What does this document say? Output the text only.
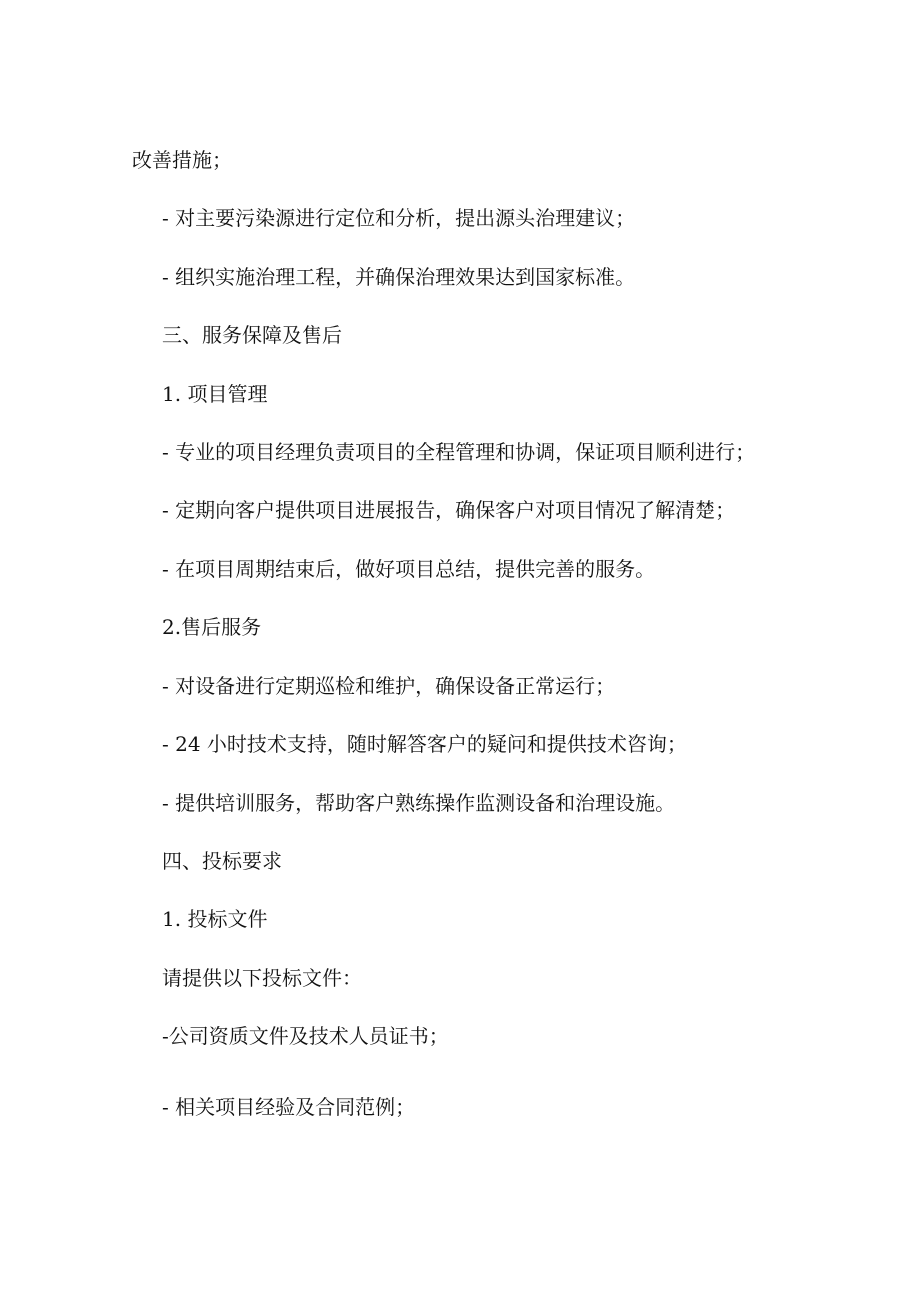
改善措施；
- 对主要污染源进行定位和分析，提出源头治理建议；
- 组织实施治理工程，并确保治理效果达到国家标准。
三、服务保障及售后
1. 项目管理
- 专业的项目经理负责项目的全程管理和协调，保证项目顺利进行；
- 定期向客户提供项目进展报告，确保客户对项目情况了解清楚；
- 在项目周期结束后，做好项目总结，提供完善的服务。
2.售后服务
- 对设备进行定期巡检和维护，确保设备正常运行；
- 24 小时技术支持，随时解答客户的疑问和提供技术咨询；
- 提供培训服务，帮助客户熟练操作监测设备和治理设施。
四、投标要求
1. 投标文件
请提供以下投标文件：
-公司资质文件及技术人员证书；
- 相关项目经验及合同范例；
